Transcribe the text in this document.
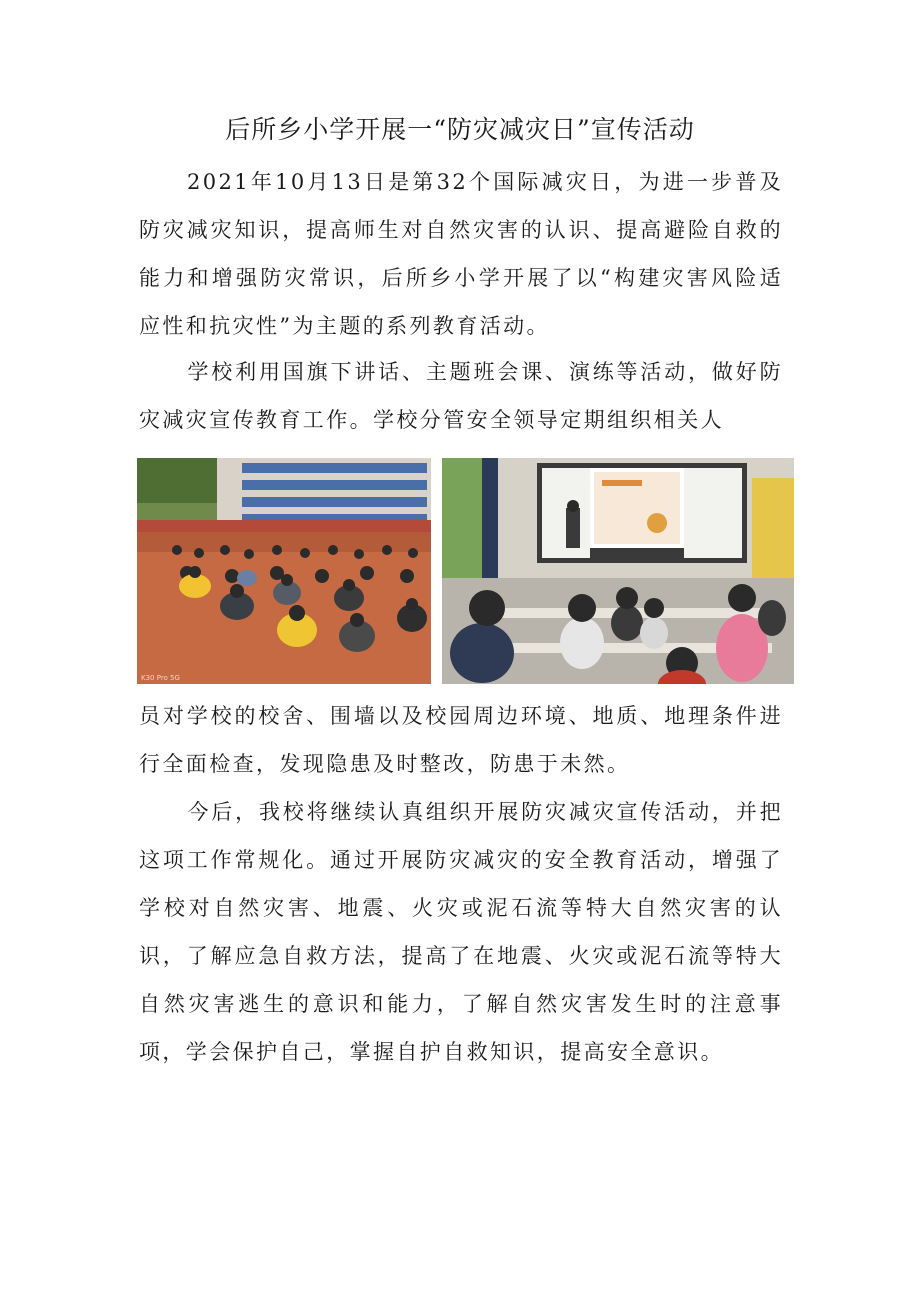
后所乡小学开展一“防灾减灾日”宣传活动

2021年10月13日是第32个国际减灾日，为进一步普及防灾减灾知识，提高师生对自然灾害的认识、提高避险自救的能力和增强防灾常识，后所乡小学开展了以“构建灾害风险适应性和抗灾性”为主题的系列教育活动。

学校利用国旗下讲话、主题班会课、演练等活动，做好防灾减灾宣传教育工作。学校分管安全领导定期组织相关人

K30 Pro 5G

员对学校的校舍、围墙以及校园周边环境、地质、地理条件进行全面检查，发现隐患及时整改，防患于未然。

今后，我校将继续认真组织开展防灾减灾宣传活动，并把这项工作常规化。通过开展防灾减灾的安全教育活动，增强了学校对自然灾害、地震、火灾或泥石流等特大自然灾害的认识，了解应急自救方法，提高了在地震、火灾或泥石流等特大自然灾害逃生的意识和能力，了解自然灾害发生时的注意事项，学会保护自己，掌握自护自救知识，提高安全意识。
